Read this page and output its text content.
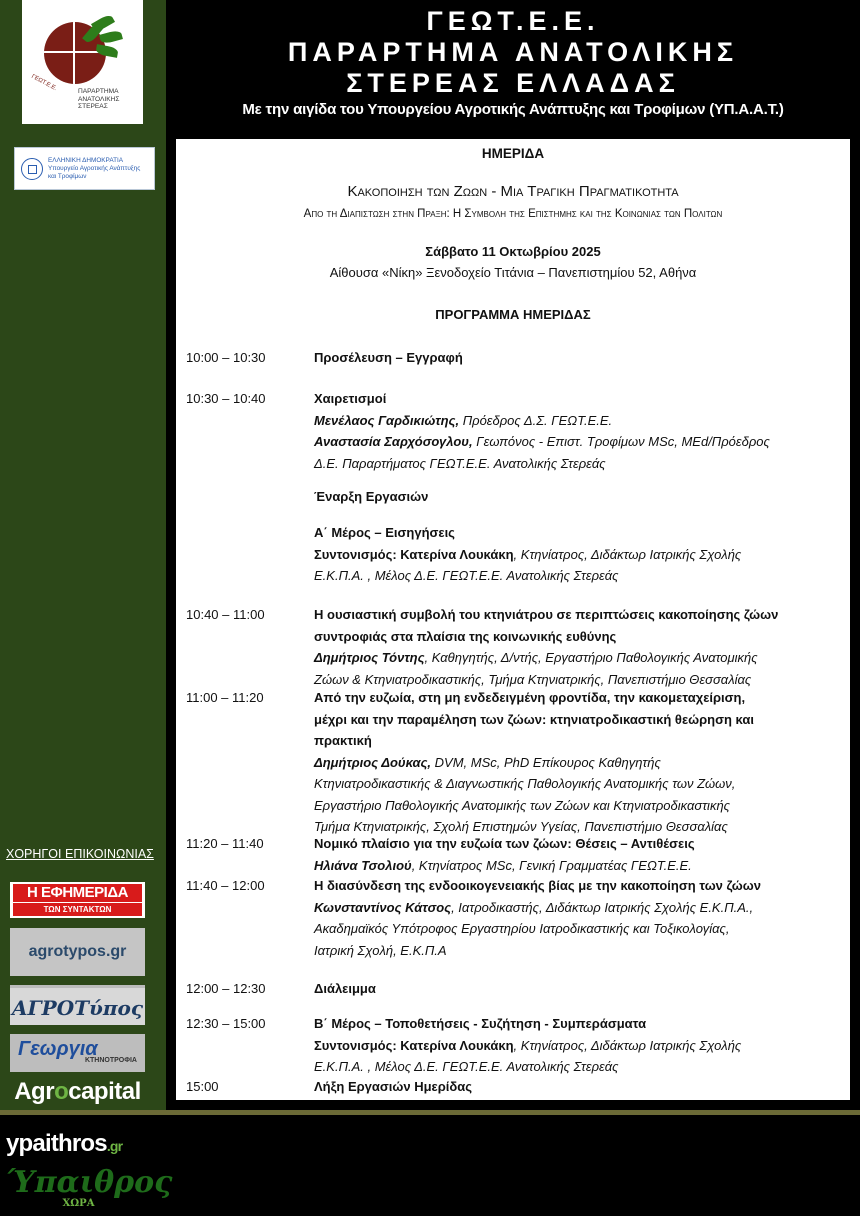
ΓΕΩΤ.Ε.Ε.	ΠΑΡΑΡΤΗΜΑ
ΑΝΑΤΟΛΙΚΗΣ
ΣΤΕΡΕΑΣ
ΕΛΛΗΝΙΚΗ ΔΗΜΟΚΡΑΤΙΑ
Υπουργείο Αγροτικής Ανάπτυξης
και Τροφίμων
ΧΟΡΗΓΟΙ ΕΠΙΚΟΙΝΩΝΙΑΣ
Η ΕΦΗΜΕΡΙΔΑ
ΤΩΝ ΣΥΝΤΑΚΤΩΝ
agrotypos.gr
ΑΓΡΟΤύπος
Γεωργια
ΚΤΗΝΟΤΡΟΦΙΑ
Agrocapital
ypaithros.gr
Ύπαιθρος
ΧΩΡΑ
ΓΕΩΤ.Ε.Ε.
ΠΑΡΑΡΤΗΜΑ ΑΝΑΤΟΛΙΚΗΣ
ΣΤΕΡΕΑΣ ΕΛΛΑΔΑΣ
Με την αιγίδα του Υπουργείου Αγροτικής Ανάπτυξης και Τροφίμων (ΥΠ.Α.Α.Τ.)
ΗΜΕΡΙΔΑ
Κακοποιηση των Ζωων - Μια Τραγικη Πραγματικοτητα
Απο τη Διαπιστωση στην Πραξη: Η Συμβολη της Επιστημης και της Κοινωνιας των Πολιτων
Σάββατο 11 Οκτωβρίου 2025
Αίθουσα «Νίκη» Ξενοδοχείο Τιτάνια – Πανεπιστημίου 52, Αθήνα
ΠΡΟΓΡΑΜΜΑ ΗΜΕΡΙΔΑΣ
10:00 – 10:30	Προσέλευση – Εγγραφή
10:30 – 10:40	Χαιρετισμοί
Μενέλαος Γαρδικιώτης, Πρόεδρος Δ.Σ. ΓΕΩΤ.Ε.Ε.
Αναστασία Σαρχόσογλου, Γεωπόνος - Επιστ. Τροφίμων MSc, MEd/Πρόεδρος
Δ.Ε. Παραρτήματος ΓΕΩΤ.Ε.Ε. Ανατολικής Στερεάς
Έναρξη Εργασιών
Α΄ Μέρος – Εισηγήσεις
Συντονισμός: Κατερίνα Λουκάκη, Κτηνίατρος, Διδάκτωρ Ιατρικής Σχολής
Ε.Κ.Π.Α. , Μέλος Δ.Ε. ΓΕΩΤ.Ε.Ε. Ανατολικής Στερεάς
10:40 – 11:00	Η ουσιαστική συμβολή του κτηνιάτρου σε περιπτώσεις κακοποίησης ζώων
συντροφιάς στα πλαίσια της κοινωνικής ευθύνης
Δημήτριος Τόντης, Καθηγητής, Δ/ντής, Εργαστήριο Παθολογικής Ανατομικής
Ζώων & Κτηνιατροδικαστικής, Τμήμα Κτηνιατρικής, Πανεπιστήμιο Θεσσαλίας
11:00 – 11:20	Από την ευζωία, στη μη ενδεδειγμένη φροντίδα, την κακομεταχείριση,
μέχρι και την παραμέληση των ζώων: κτηνιατροδικαστική θεώρηση και
πρακτική
Δημήτριος Δούκας, DVM, MSc, PhD Επίκουρος Καθηγητής
Κτηνιατροδικαστικής & Διαγνωστικής Παθολογικής Ανατομικής των Ζώων,
Εργαστήριο Παθολογικής Ανατομικής των Ζώων και Κτηνιατροδικαστικής
Τμήμα Κτηνιατρικής, Σχολή Επιστημών Υγείας, Πανεπιστήμιο Θεσσαλίας
11:20 – 11:40	Νομικό πλαίσιο για την ευζωία των ζώων: Θέσεις – Αντιθέσεις
Ηλιάνα Τσολιού, Κτηνίατρος MSc, Γενική Γραμματέας ΓΕΩΤ.Ε.Ε.
11:40 – 12:00	Η διασύνδεση της ενδοοικογενειακής βίας με την κακοποίηση των ζώων
Κωνσταντίνος Κάτσος, Ιατροδικαστής, Διδάκτωρ Ιατρικής Σχολής Ε.Κ.Π.Α.,
Ακαδημαϊκός Υπότροφος Εργαστηρίου Ιατροδικαστικής και Τοξικολογίας,
Ιατρική Σχολή, Ε.Κ.Π.Α
12:00 – 12:30	Διάλειμμα
12:30 – 15:00	Β΄ Μέρος – Τοποθετήσεις - Συζήτηση - Συμπεράσματα
Συντονισμός: Κατερίνα Λουκάκη, Κτηνίατρος, Διδάκτωρ Ιατρικής Σχολής
Ε.Κ.Π.Α. , Μέλος Δ.Ε. ΓΕΩΤ.Ε.Ε. Ανατολικής Στερεάς
15:00	Λήξη Εργασιών Ημερίδας
